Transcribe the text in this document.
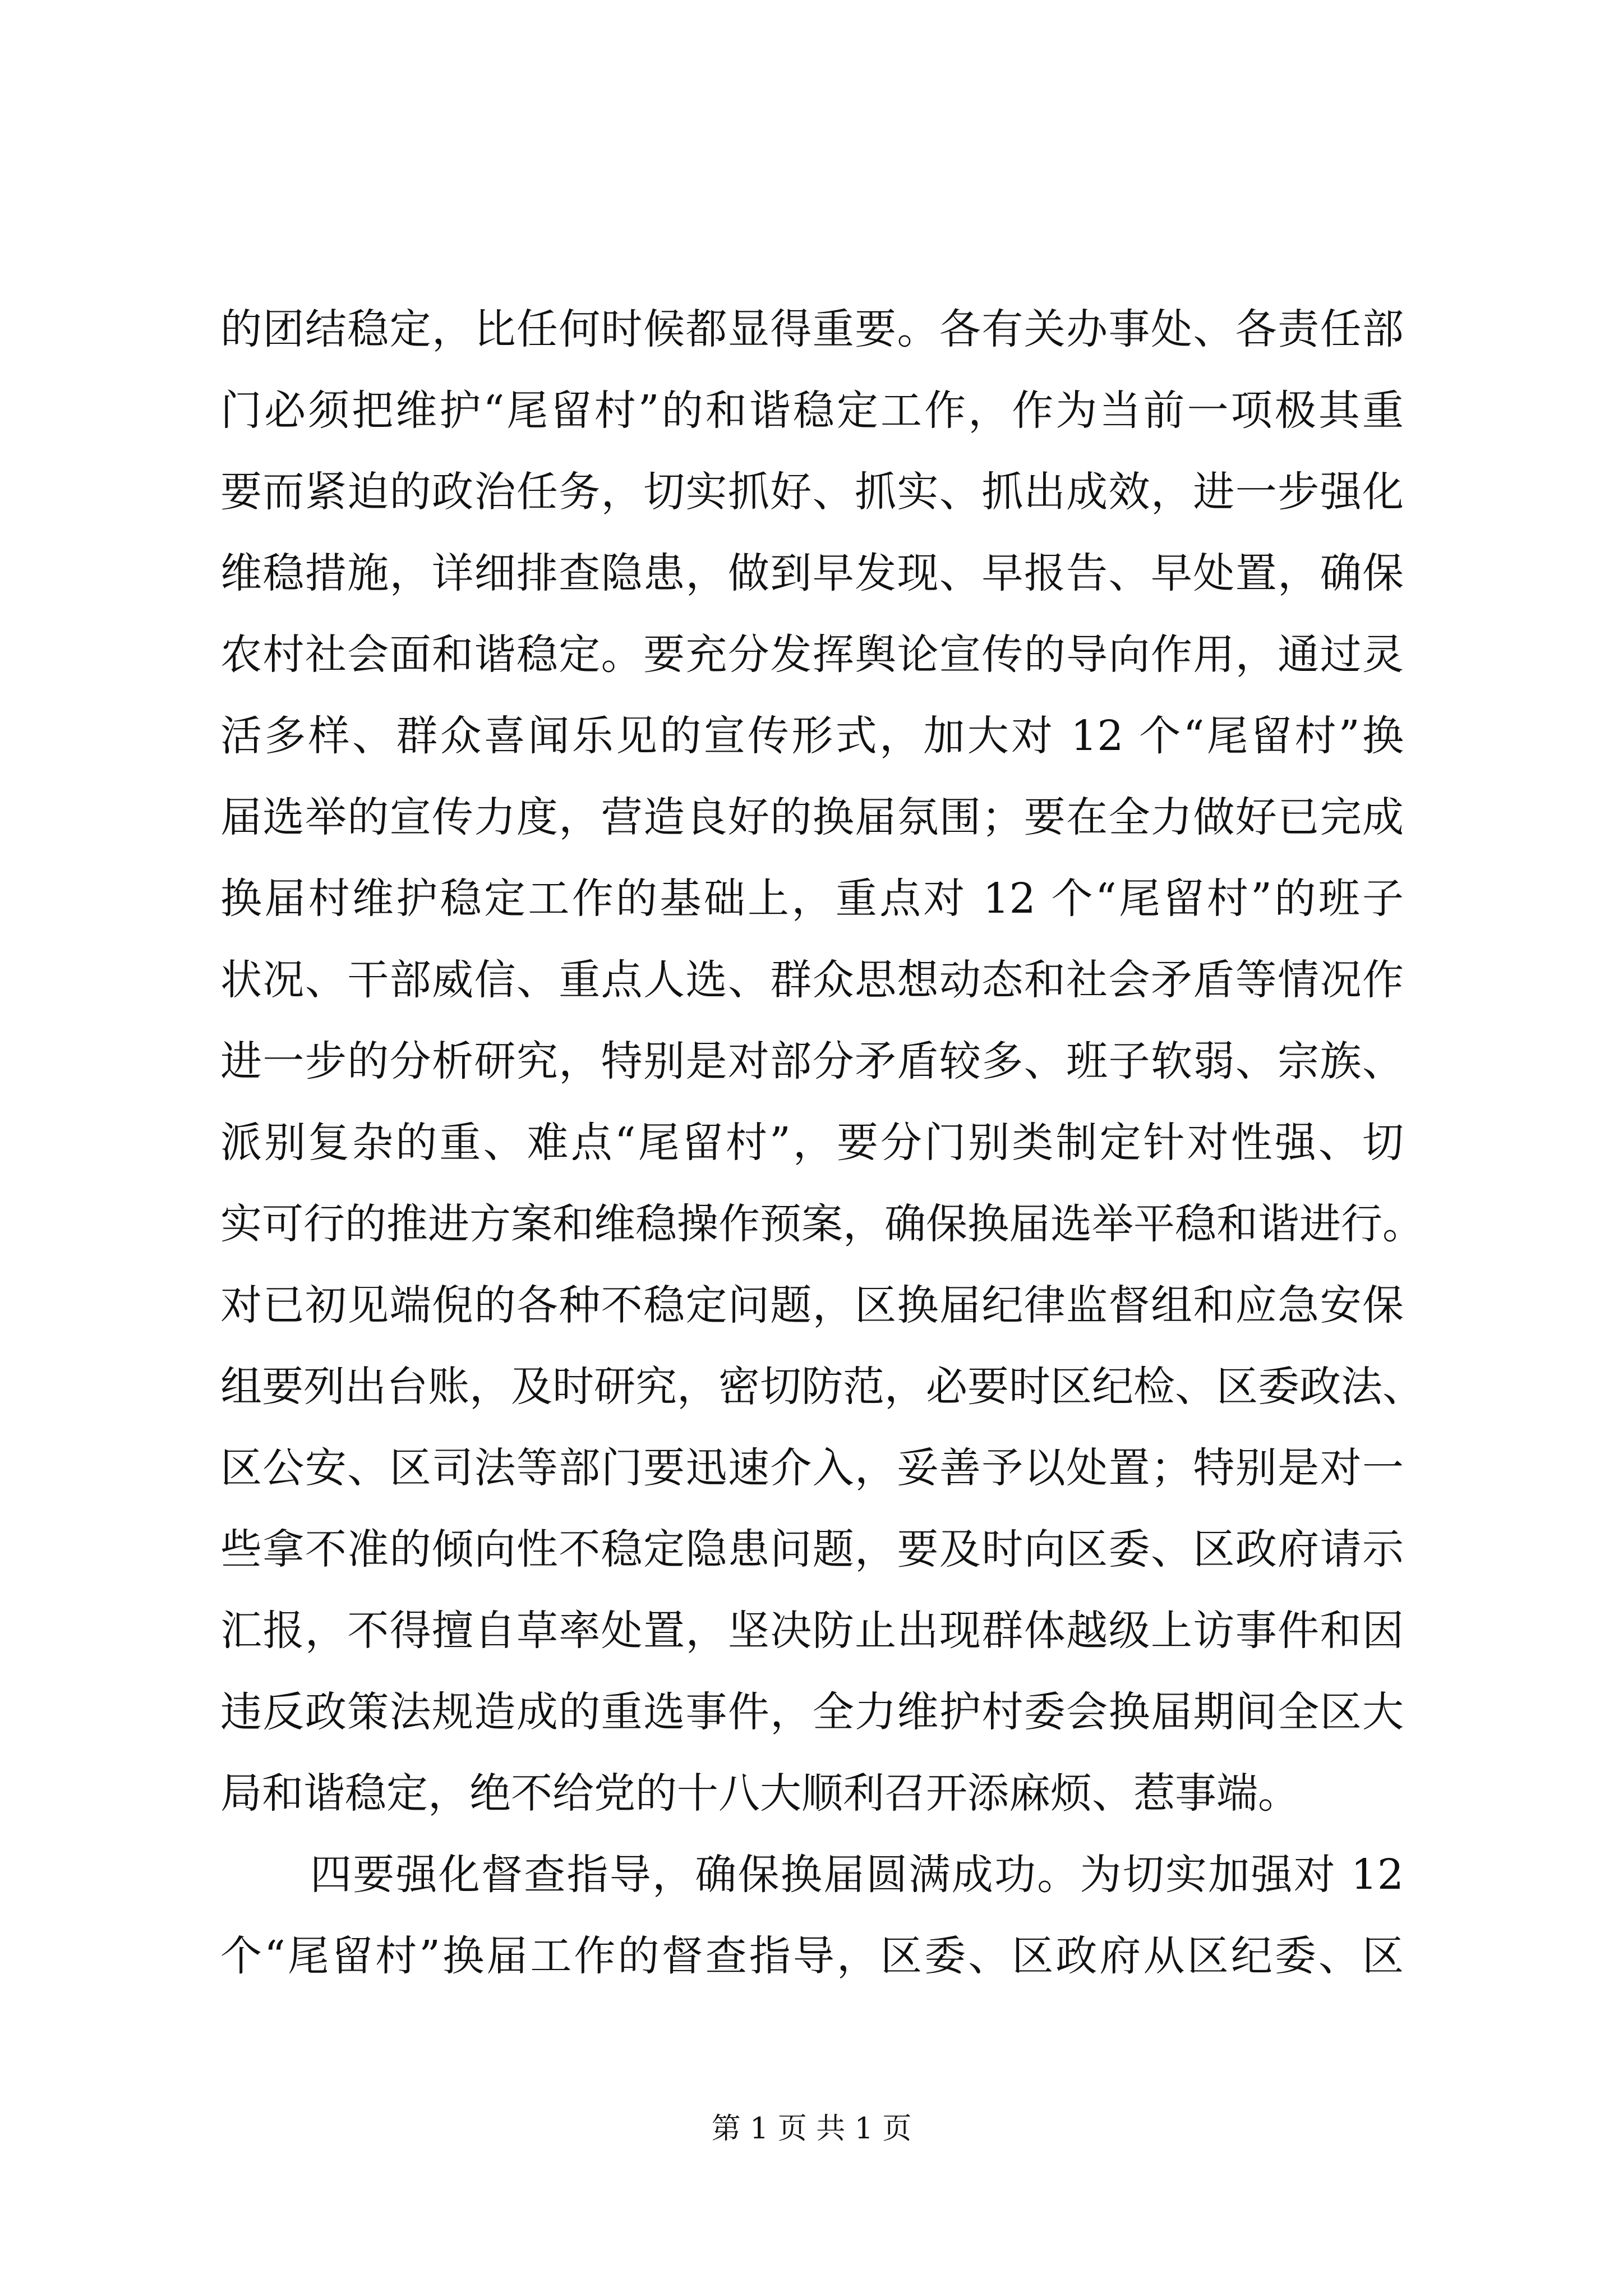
的团结稳定，比任何时候都显得重要。各有关办事处、各责任部
门必须把维护“尾留村”的和谐稳定工作，作为当前一项极其重
要而紧迫的政治任务，切实抓好、抓实、抓出成效，进一步强化
维稳措施，详细排查隐患，做到早发现、早报告、早处置，确保
农村社会面和谐稳定。要充分发挥舆论宣传的导向作用，通过灵
活多样、群众喜闻乐见的宣传形式，加大对 12 个“尾留村”换
届选举的宣传力度，营造良好的换届氛围；要在全力做好已完成
换届村维护稳定工作的基础上，重点对 12 个“尾留村”的班子
状况、干部威信、重点人选、群众思想动态和社会矛盾等情况作
进一步的分析研究，特别是对部分矛盾较多、班子软弱、宗族、
派别复杂的重、难点“尾留村”，要分门别类制定针对性强、切
实可行的推进方案和维稳操作预案，确保换届选举平稳和谐进行。
对已初见端倪的各种不稳定问题，区换届纪律监督组和应急安保
组要列出台账，及时研究，密切防范，必要时区纪检、区委政法、
区公安、区司法等部门要迅速介入，妥善予以处置；特别是对一
些拿不准的倾向性不稳定隐患问题，要及时向区委、区政府请示
汇报，不得擅自草率处置，坚决防止出现群体越级上访事件和因
违反政策法规造成的重选事件，全力维护村委会换届期间全区大
局和谐稳定，绝不给党的十八大顺利召开添麻烦、惹事端。
四要强化督查指导，确保换届圆满成功。为切实加强对 12
个“尾留村”换届工作的督查指导，区委、区政府从区纪委、区
第 1 页 共 1 页
